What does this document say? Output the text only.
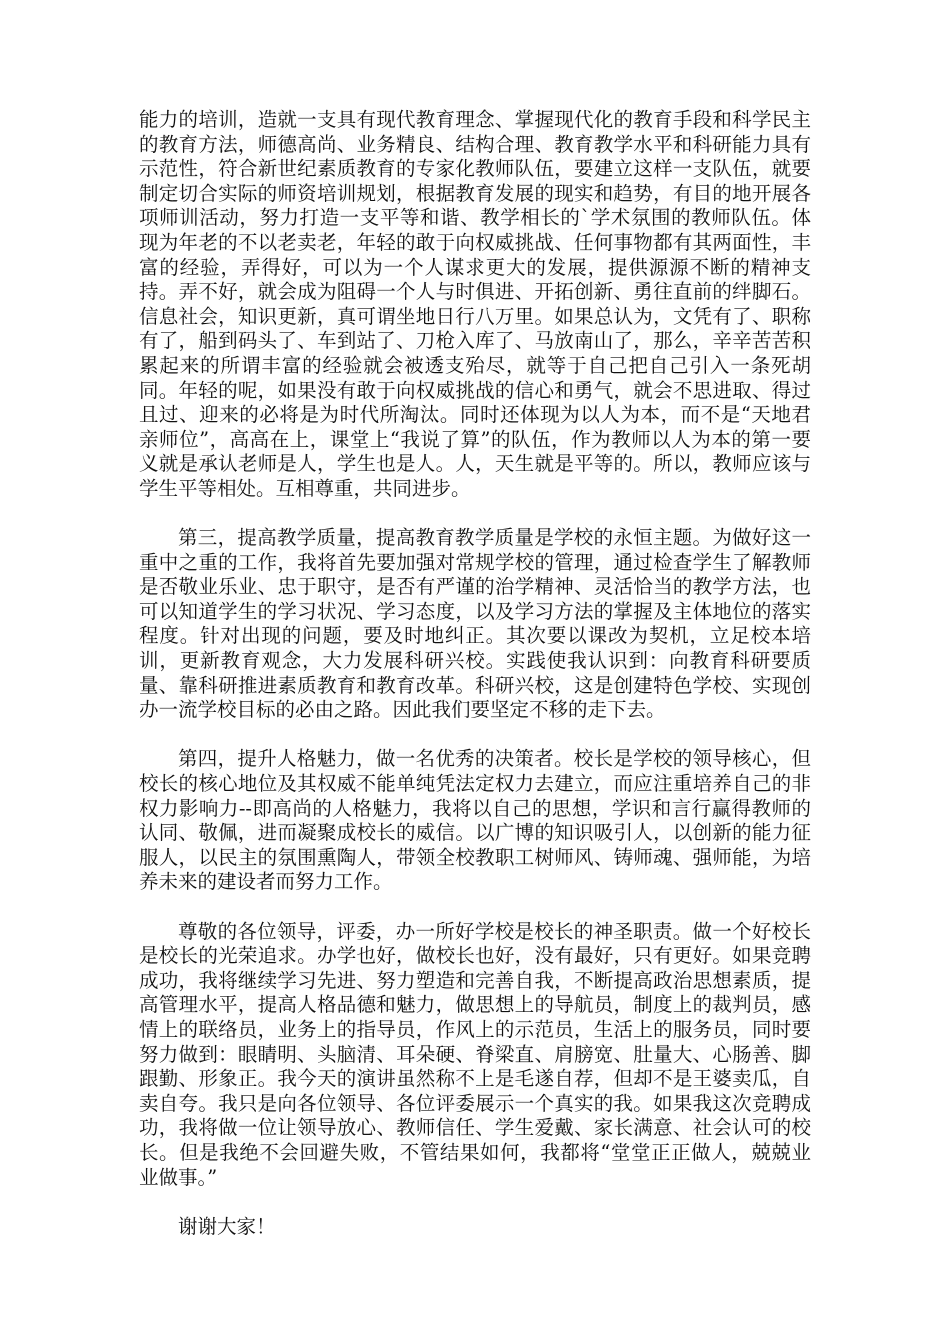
能力的培训，造就一支具有现代教育理念、掌握现代化的教育手段和科学民主的教育方法，师德高尚、业务精良、结构合理、教育教学水平和科研能力具有示范性，符合新世纪素质教育的专家化教师队伍，要建立这样一支队伍，就要制定切合实际的师资培训规划，根据教育发展的现实和趋势，有目的地开展各项师训活动，努力打造一支平等和谐、教学相长的`学术氛围的教师队伍。体现为年老的不以老卖老，年轻的敢于向权威挑战、任何事物都有其两面性，丰富的经验，弄得好，可以为一个人谋求更大的发展，提供源源不断的精神支持。弄不好，就会成为阻碍一个人与时俱进、开拓创新、勇往直前的绊脚石。信息社会，知识更新，真可谓坐地日行八万里。如果总认为，文凭有了、职称有了，船到码头了、车到站了、刀枪入库了、马放南山了，那么，辛辛苦苦积累起来的所谓丰富的经验就会被透支殆尽，就等于自己把自己引入一条死胡同。年轻的呢，如果没有敢于向权威挑战的信心和勇气，就会不思进取、得过且过、迎来的必将是为时代所淘汰。同时还体现为以人为本，而不是“天地君亲师位”，高高在上，课堂上“我说了算”的队伍，作为教师以人为本的第一要义就是承认老师是人，学生也是人。人，天生就是平等的。所以，教师应该与学生平等相处。互相尊重，共同进步。

第三，提高教学质量，提高教育教学质量是学校的永恒主题。为做好这一重中之重的工作，我将首先要加强对常规学校的管理，通过检查学生了解教师是否敬业乐业、忠于职守，是否有严谨的治学精神、灵活恰当的教学方法，也可以知道学生的学习状况、学习态度，以及学习方法的掌握及主体地位的落实程度。针对出现的问题，要及时地纠正。其次要以课改为契机，立足校本培训，更新教育观念，大力发展科研兴校。实践使我认识到：向教育科研要质量、靠科研推进素质教育和教育改革。科研兴校，这是创建特色学校、实现创办一流学校目标的必由之路。因此我们要坚定不移的走下去。

第四，提升人格魅力，做一名优秀的决策者。校长是学校的领导核心，但校长的核心地位及其权威不能单纯凭法定权力去建立，而应注重培养自己的非权力影响力--即高尚的人格魅力，我将以自己的思想，学识和言行赢得教师的认同、敬佩，进而凝聚成校长的威信。以广博的知识吸引人，以创新的能力征服人，以民主的氛围熏陶人，带领全校教职工树师风、铸师魂、强师能，为培养未来的建设者而努力工作。

尊敬的各位领导，评委，办一所好学校是校长的神圣职责。做一个好校长是校长的光荣追求。办学也好，做校长也好，没有最好，只有更好。如果竞聘成功，我将继续学习先进、努力塑造和完善自我，不断提高政治思想素质，提高管理水平，提高人格品德和魅力，做思想上的导航员，制度上的裁判员，感情上的联络员，业务上的指导员，作风上的示范员，生活上的服务员，同时要努力做到：眼睛明、头脑清、耳朵硬、脊梁直、肩膀宽、肚量大、心肠善、脚跟勤、形象正。我今天的演讲虽然称不上是毛遂自荐，但却不是王婆卖瓜，自卖自夸。我只是向各位领导、各位评委展示一个真实的我。如果我这次竞聘成功，我将做一位让领导放心、教师信任、学生爱戴、家长满意、社会认可的校长。但是我绝不会回避失败，不管结果如何，我都将“堂堂正正做人，兢兢业业做事。”

谢谢大家！
